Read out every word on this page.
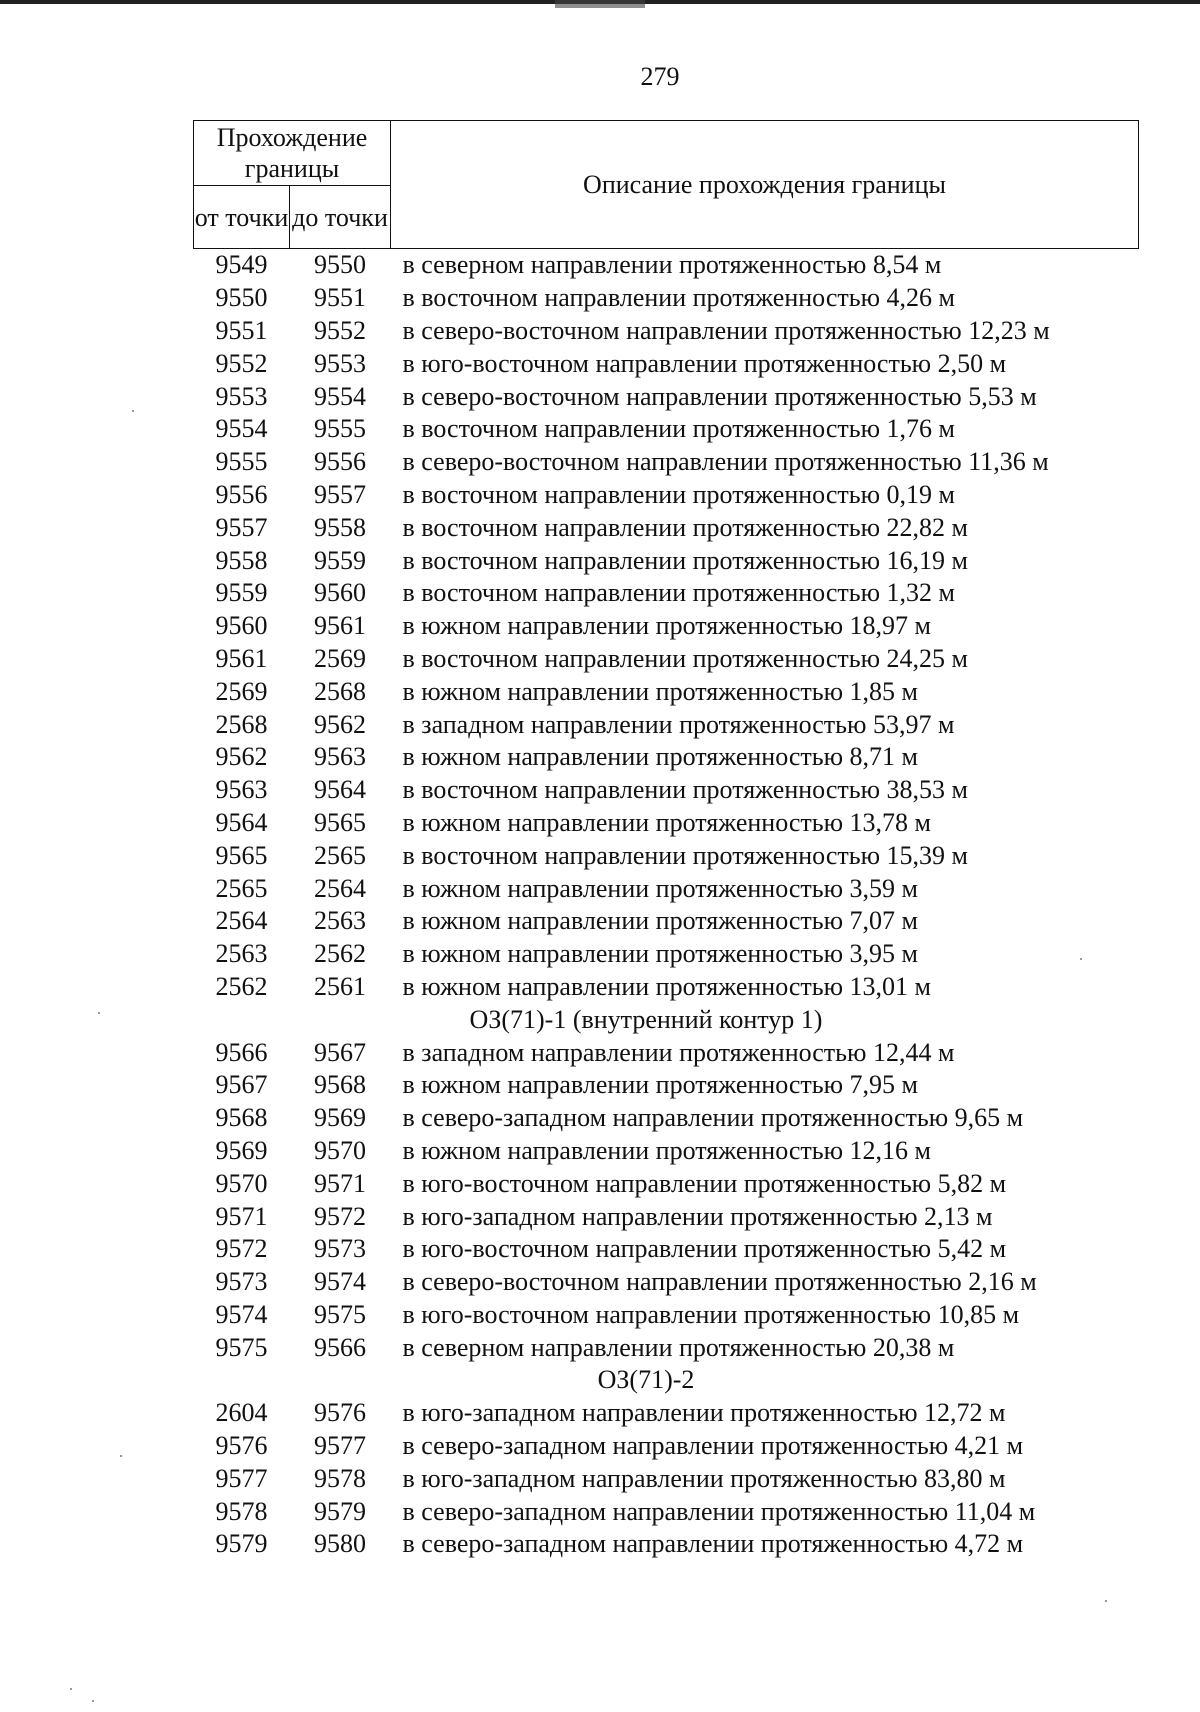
279
Прохождение границы		Описание прохождения границы
от точки	до точки	
9549	9550	в северном направлении протяженностью 8,54 м
9550	9551	в восточном направлении протяженностью 4,26 м
9551	9552	в северо-восточном направлении протяженностью 12,23 м
9552	9553	в юго-восточном направлении протяженностью 2,50 м
9553	9554	в северо-восточном направлении протяженностью 5,53 м
9554	9555	в восточном направлении протяженностью 1,76 м
9555	9556	в северо-восточном направлении протяженностью 11,36 м
9556	9557	в восточном направлении протяженностью 0,19 м
9557	9558	в восточном направлении протяженностью 22,82 м
9558	9559	в восточном направлении протяженностью 16,19 м
9559	9560	в восточном направлении протяженностью 1,32 м
9560	9561	в южном направлении протяженностью 18,97 м
9561	2569	в восточном направлении протяженностью 24,25 м
2569	2568	в южном направлении протяженностью 1,85 м
2568	9562	в западном направлении протяженностью 53,97 м
9562	9563	в южном направлении протяженностью 8,71 м
9563	9564	в восточном направлении протяженностью 38,53 м
9564	9565	в южном направлении протяженностью 13,78 м
9565	2565	в восточном направлении протяженностью 15,39 м
2565	2564	в южном направлении протяженностью 3,59 м
2564	2563	в южном направлении протяженностью 7,07 м
2563	2562	в южном направлении протяженностью 3,95 м
2562	2561	в южном направлении протяженностью 13,01 м
ОЗ(71)-1 (внутренний контур 1)		
9566	9567	в западном направлении протяженностью 12,44 м
9567	9568	в южном направлении протяженностью 7,95 м
9568	9569	в северо-западном направлении протяженностью 9,65 м
9569	9570	в южном направлении протяженностью 12,16 м
9570	9571	в юго-восточном направлении протяженностью 5,82 м
9571	9572	в юго-западном направлении протяженностью 2,13 м
9572	9573	в юго-восточном направлении протяженностью 5,42 м
9573	9574	в северо-восточном направлении протяженностью 2,16 м
9574	9575	в юго-восточном направлении протяженностью 10,85 м
9575	9566	в северном направлении протяженностью 20,38 м
ОЗ(71)-2		
2604	9576	в юго-западном направлении протяженностью 12,72 м
9576	9577	в северо-западном направлении протяженностью 4,21 м
9577	9578	в юго-западном направлении протяженностью 83,80 м
9578	9579	в северо-западном направлении протяженностью 11,04 м
9579	9580	в северо-западном направлении протяженностью 4,72 м
